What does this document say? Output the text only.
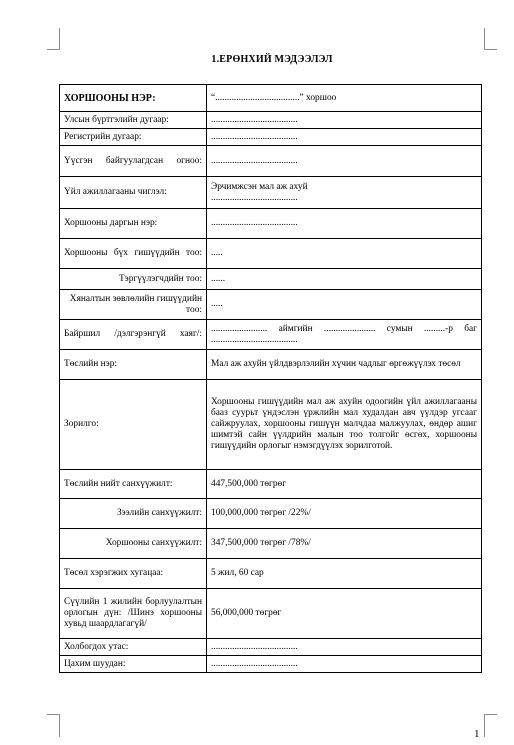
1.ЕРӨНХИЙ МЭДЭЭЛЭЛ
ХОРШООНЫ НЭР:	“....................................” хоршоо
Улсын бүртгэлийн дугаар:	.....................................
Регистрийн дугаар:	.....................................
Үүсгэн байгуулагдсан огноо:	.....................................
Үйл ажиллагааны чиглэл:	Эрчимжсэн мал аж ахуй
.....................................

Хоршооны даргын нэр:	.....................................
Хоршооны бүх гишүүдийн тоо:	.....
Тэргүүлэгчдийн тоо:	......
Хяналтын зөвлөлийн гишүүдийн тоо:	.....
Байршил /дэлгэрэнгүй хаяг/:	........................ аймгийн ...................... сумын .........-р баг
.....................................

Төслийн нэр:	Мал аж ахуйн үйлдвэрлэлийн хүчин чадлыг өргөжүүлэх төсөл
Зорилго:	Хоршооны гишүүдийн мал аж ахуйн одоогийн үйл ажиллагааны бааз суурьт үндэслэн үржлийн мал худалдан авч үүлдэр угсааг сайжруулах, хоршооны гишүүн малчдаа малжуулах, өндөр ашиг шимтэй сайн үүлдрийн малын тоо толгойг өсгөх, хоршооны гишүүдийн орлогыг нэмэгдүүлэх зорилготой.
Төслийн нийт санхүүжилт:	447,500,000 төгрөг
Зээлийн санхүүжилт:	100,000,000 төгрөг /22%/
Хоршооны санхүүжилт:	347,500,000 төгрөг /78%/
Төсөл хэрэгжих хугацаа:	5 жил, 60 сар
Сүүлийн 1 жилийн борлуулалтын орлогын дүн: /Шинэ хоршооны хувьд шаардлагагүй/	56,000,000 төгрөг
Холбогдох утас:	.....................................
Цахим шуудан:	.....................................
1
